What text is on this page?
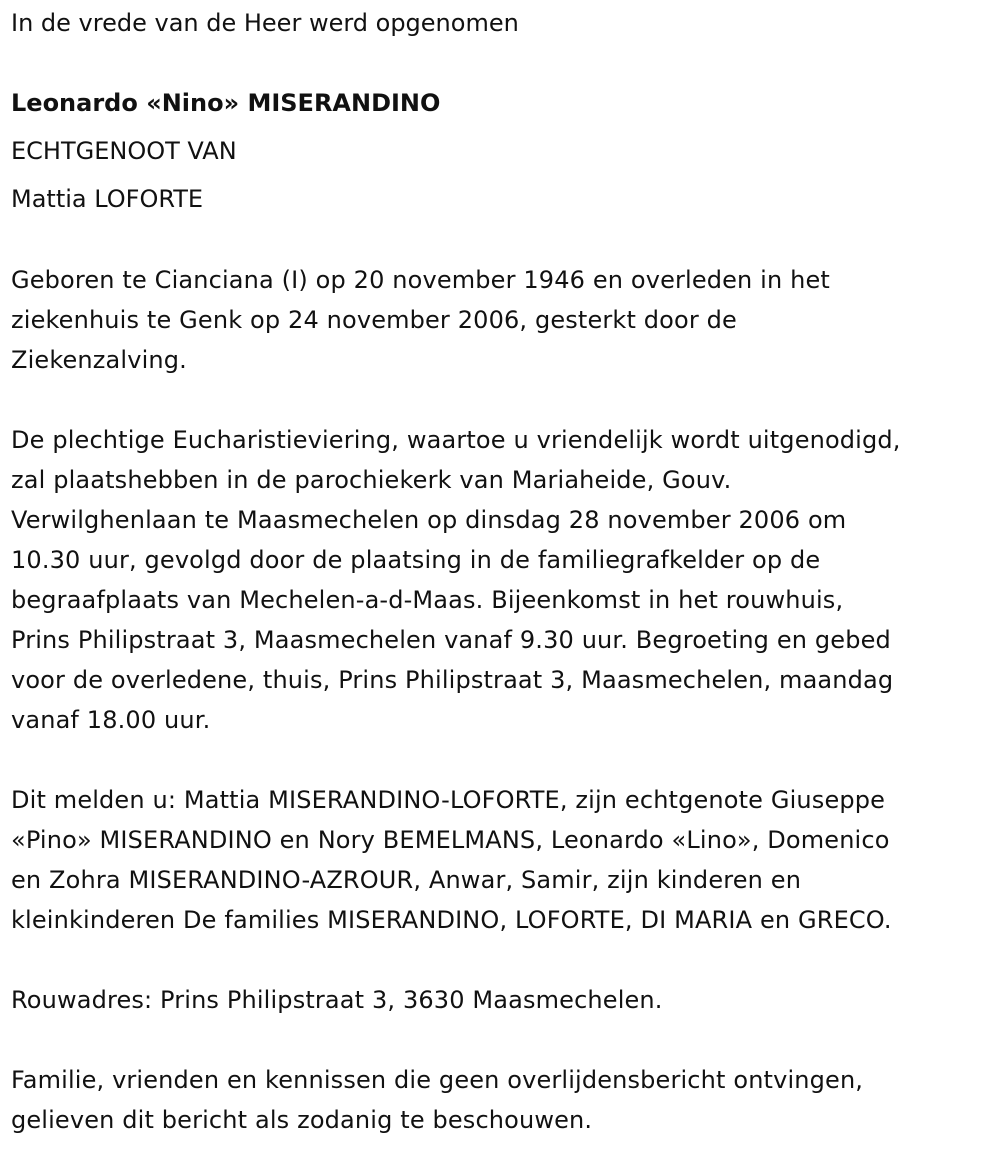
In de vrede van de Heer werd opgenomen

Leonardo «Nino» MISERANDINO

ECHTGENOOT VAN

Mattia LOFORTE

Geboren te Cianciana (I) op 20 november 1946 en overleden in het
ziekenhuis te Genk op 24 november 2006, gesterkt door de
Ziekenzalving.
De plechtige Eucharistieviering, waartoe u vriendelijk wordt uitgenodigd,
zal plaatshebben in de parochiekerk van Mariaheide, Gouv.
Verwilghenlaan te Maasmechelen op dinsdag 28 november 2006 om
10.30 uur, gevolgd door de plaatsing in de familiegrafkelder op de
begraafplaats van Mechelen-a-d-Maas. Bijeenkomst in het rouwhuis,
Prins Philipstraat 3, Maasmechelen vanaf 9.30 uur. Begroeting en gebed
voor de overledene, thuis, Prins Philipstraat 3, Maasmechelen, maandag
vanaf 18.00 uur.
Dit melden u: Mattia MISERANDINO-LOFORTE, zijn echtgenote Giuseppe
«Pino» MISERANDINO en Nory BEMELMANS, Leonardo «Lino», Domenico
en Zohra MISERANDINO-AZROUR, Anwar, Samir, zijn kinderen en
kleinkinderen De families MISERANDINO, LOFORTE, DI MARIA en GRECO.
Rouwadres: Prins Philipstraat 3, 3630 Maasmechelen.
Familie, vrienden en kennissen die geen overlijdensbericht ontvingen,
gelieven dit bericht als zodanig te beschouwen.
